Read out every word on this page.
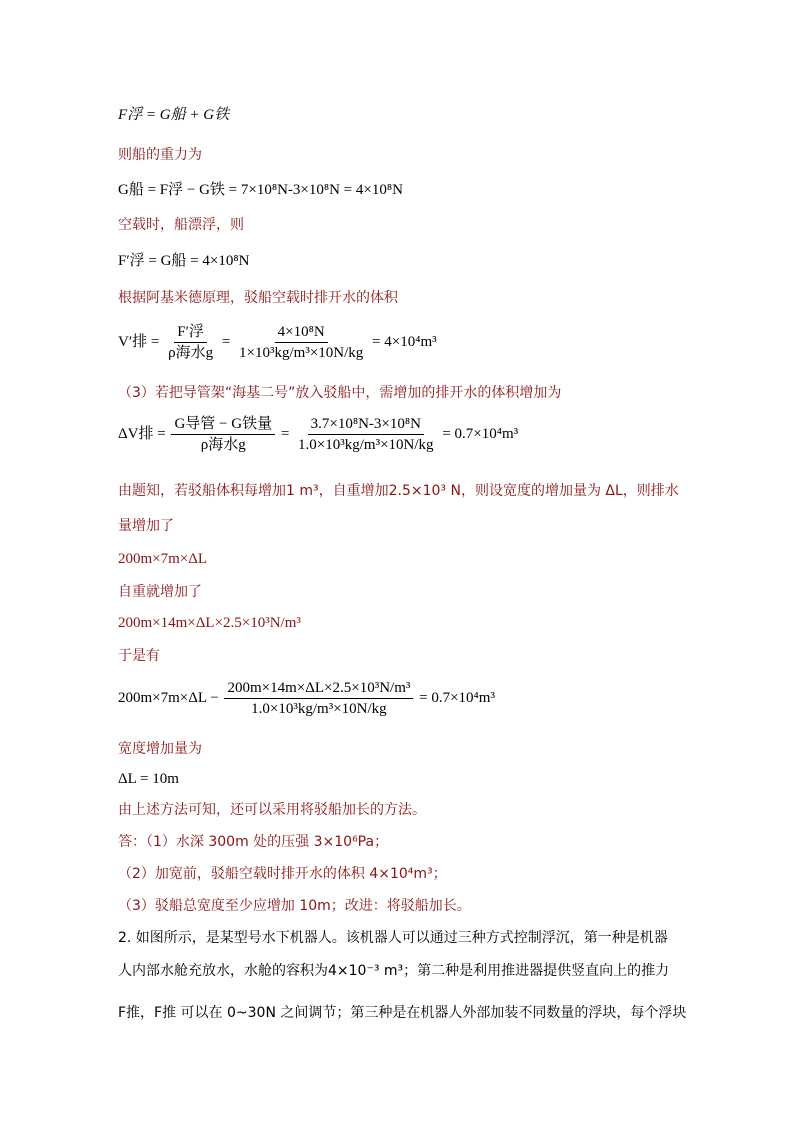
F浮 = G船 + G铁
则船的重力为
G船 = F浮 − G铁 = 7×10⁸N-3×10⁸N = 4×10⁸N
空载时，船漂浮，则
F′浮 = G船 = 4×10⁸N
根据阿基米德原理，驳船空载时排开水的体积
V′排 = $\frac{\text{F′浮}}{\text{ρ海水g}} = \frac{\text{4×10⁸N}}{\text{1×10³kg/m³×10N/kg}} = 4\times 10^4m^3$
（3）若把导管架“海基二号”放入驳船中，需增加的排开水的体积增加为
ΔV排 = $\frac{\text{G导管 − G铁量}}{\text{ρ海水g}} = \frac{\text{3.7×10⁸N-3×10⁸N}}{\text{1.0×10³kg/m³×10N/kg}} = 0.7\times 10^4m^3$
由题知，若驳船体积每增加1 m³，自重增加2.5×10³ N，则设宽度的增加量为 ΔL，则排水
量增加了
200m×7m×ΔL
自重就增加了
200m×14m×ΔL×2.5×10³N/m³
于是有
$200m\times 7m\times\Delta L - \frac{\text{200m×14m×ΔL×2.5×10³N/m³}}{\text{1.0×10³kg/m³×10N/kg}} = 0.7\times 10^4m^3$
宽度增加量为
ΔL = 10m
由上述方法可知，还可以采用将驳船加长的方法。
答：（1）水深 300m 处的压强 3×10⁶Pa；
（2）加宽前，驳船空载时排开水的体积 4×10⁴m³；
（3）驳船总宽度至少应增加 10m；改进：将驳船加长。
2. 如图所示，是某型号水下机器人。该机器人可以通过三种方式控制浮沉，第一种是机器
人内部水舱充放水，水舱的容积为4×10⁻³ m³；第二种是利用推进器提供竖直向上的推力
F推，F推 可以在 0~30N 之间调节；第三种是在机器人外部加装不同数量的浮块，每个浮块
